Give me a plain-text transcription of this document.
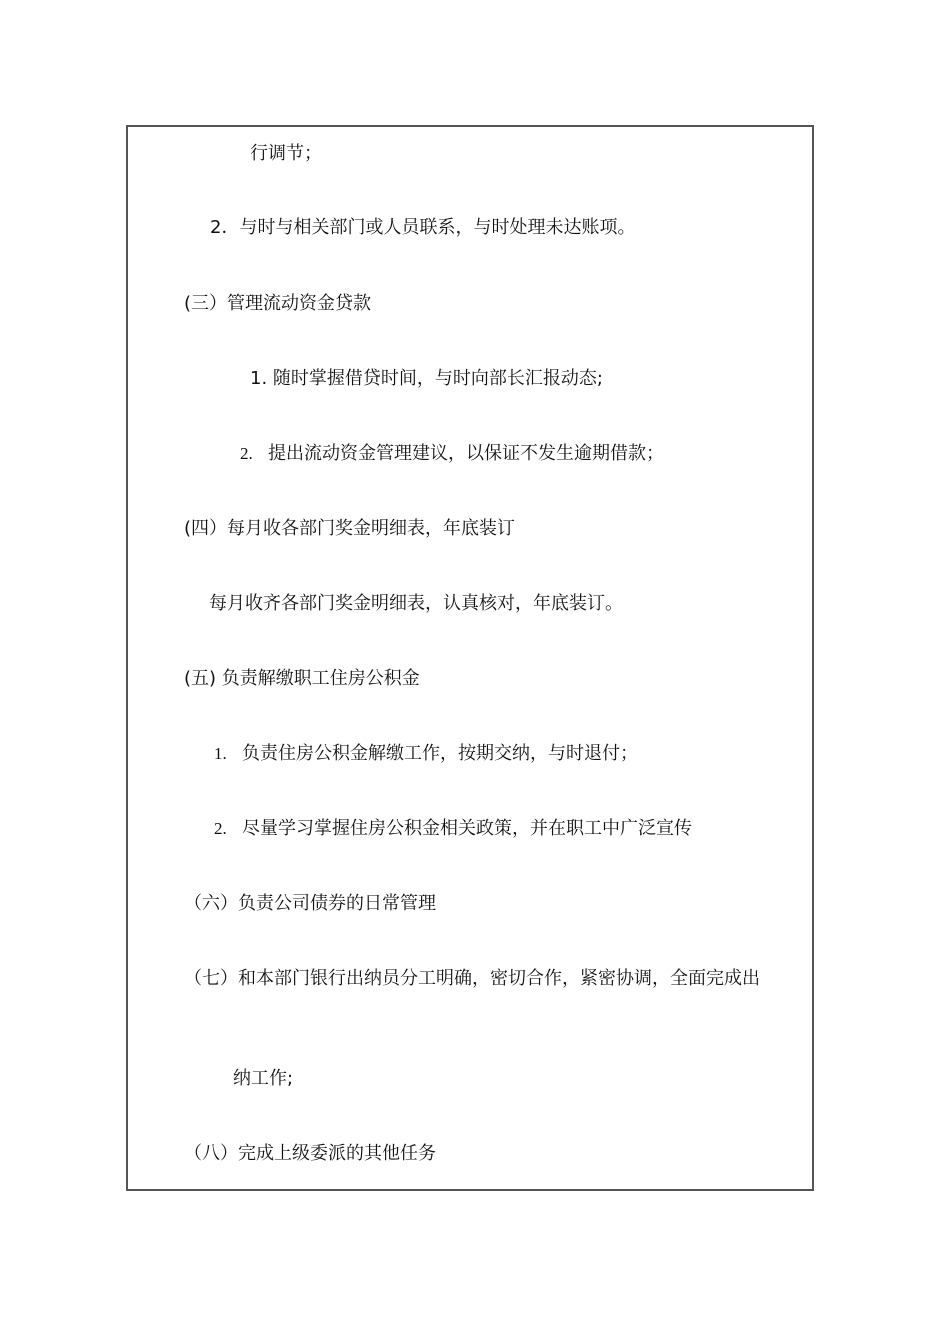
行调节；
2．与时与相关部门或人员联系，与时处理未达账项。
(三）管理流动资金贷款
1. 随时掌握借贷时间，与时向部长汇报动态;
2. 提出流动资金管理建议，以保证不发生逾期借款；
(四）每月收各部门奖金明细表，年底装订
每月收齐各部门奖金明细表，认真核对，年底装订。
(五) 负责解缴职工住房公积金
1. 负责住房公积金解缴工作，按期交纳，与时退付；
2. 尽量学习掌握住房公积金相关政策，并在职工中广泛宣传
（六）负责公司债券的日常管理
（七）和本部门银行出纳员分工明确，密切合作，紧密协调，全面完成出
纳工作;
（八）完成上级委派的其他任务
